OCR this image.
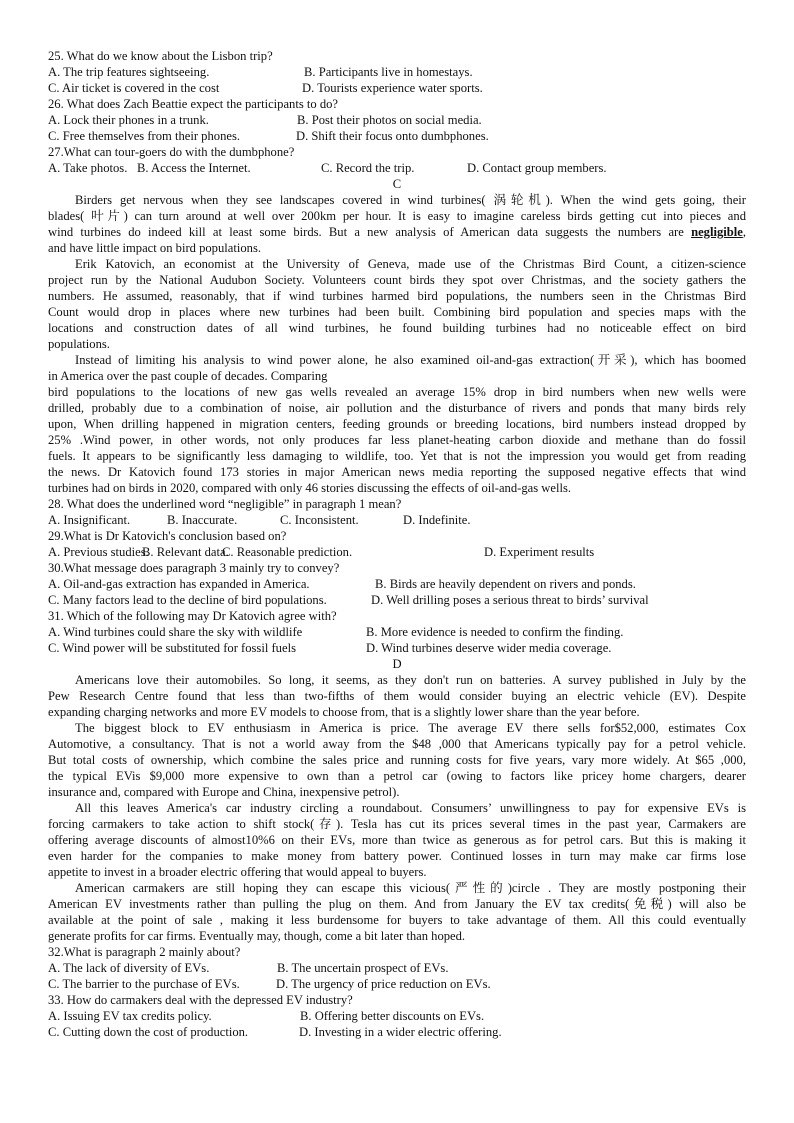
25. What do we know about the Lisbon trip?
A. The trip features sightseeing.	B. Participants live in homestays.
C. Air ticket is covered in the cost	D. Tourists experience water sports.
26. What does Zach Beattie expect the participants to do?
A. Lock their phones in a trunk.	B. Post their photos on social media.
C. Free themselves from their phones.	D. Shift their focus onto dumbphones.
27.What can tour-goers do with the dumbphone?
A. Take photos. B. Access the Internet.	C. Record the trip.	D. Contact group members.
C
Birders get nervous when they see landscapes covered in wind turbines( 涡轮机). When the wind gets going, their
blades( 叶片) can turn around at well over 200km per hour. It is easy to imagine careless birds getting cut into pieces and
wind turbines do indeed kill at least some birds. But a new analysis of American data suggests the numbers are negligible,
and have little impact on bird populations.
Erik Katovich, an economist at the University of Geneva, made use of the Christmas Bird Count, a citizen-science
project run by the National Audubon Society. Volunteers count birds they spot over Christmas, and the society gathers the
numbers. He assumed, reasonably, that if wind turbines harmed bird populations, the numbers seen in the Christmas Bird
Count would drop in places where new turbines had been built. Combining bird population and species maps with the
locations and construction dates of all wind turbines, he found building turbines had no noticeable effect on bird
populations.
Instead of limiting his analysis to wind power alone, he also examined oil-and-gas extraction(开采), which has boomed
in America over the past couple of decades. Comparing
bird populations to the locations of new gas wells revealed an average 15% drop in bird numbers when new wells were
drilled, probably due to a combination of noise, air pollution and the disturbance of rivers and ponds that many birds rely
upon, When drilling happened in migration centers, feeding grounds or breeding locations, bird numbers instead dropped by
25% .Wind power, in other words, not only produces far less planet-heating carbon dioxide and methane than do fossil
fuels. It appears to be significantly less damaging to wildlife, too. Yet that is not the impression you would get from reading
the news. Dr Katovich found 173 stories in major American news media reporting the supposed negative effects that wind
turbines had on birds in 2020, compared with only 46 stories discussing the effects of oil-and-gas wells.
28. What does the underlined word “negligible” in paragraph 1 mean?
A. Insignificant.	B. Inaccurate.	C. Inconsistent.	D. Indefinite.
29.What is Dr Katovich's conclusion based on?
A. Previous studies.
B. Relevant data.
C. Reasonable prediction.	D. Experiment results
30.What message does paragraph 3 mainly try to convey?
A. Oil-and-gas extraction has expanded in America.	B. Birds are heavily dependent on rivers and ponds.
C. Many factors lead to the decline of bird populations.	D. Well drilling poses a serious threat to birds’ survival
31. Which of the following may Dr Katovich agree with?
A. Wind turbines could share the sky with wildlife	B. More evidence is needed to confirm the finding.
C. Wind power will be substituted for fossil fuels	D. Wind turbines deserve wider media coverage.
D
Americans love their automobiles. So long, it seems, as they don't run on batteries. A survey published in July by the
Pew Research Centre found that less than two-fifths of them would consider buying an electric vehicle (EV). Despite
expanding charging networks and more EV models to choose from, that is a slightly lower share than the year before.
The biggest block to EV enthusiasm in America is price. The average EV there sells for$52,000, estimates Cox
Automotive, a consultancy. That is not a world away from the $48 ,000 that Americans typically pay for a petrol vehicle.
But total costs of ownership, which combine the sales price and running costs for five years, vary more widely. At $65 ,000,
the typical EVis $9,000 more expensive to own than a petrol car (owing to factors like pricey home chargers, dearer
insurance and, compared with Europe and China, inexpensive petrol).
All this leaves America's car industry circling a roundabout. Consumers’ unwillingness to pay for expensive EVs is
forcing carmakers to take action to shift stock(存). Tesla has cut its prices several times in the past year, Carmakers are
offering average discounts of almost10%6 on their EVs, more than twice as generous as for petrol cars. But this is making it
even harder for the companies to make money from battery power. Continued losses in turn may make car firms lose
appetite to invest in a broader electric offering that would appeal to buyers.
American carmakers are still hoping they can escape this vicious(严性的)circle . They are mostly postponing their
American EV investments rather than pulling the plug on them. And from January the EV tax credits(免税) will also be
available at the point of sale , making it less burdensome for buyers to take advantage of them. All this could eventually
generate profits for car firms. Eventually may, though, come a bit later than hoped.
32.What is paragraph 2 mainly about?
A. The lack of diversity of EVs.	B. The uncertain prospect of EVs.
C. The barrier to the purchase of EVs.	D. The urgency of price reduction on EVs.
33. How do carmakers deal with the depressed EV industry?
A. Issuing EV tax credits policy.	B. Offering better discounts on EVs.
C. Cutting down the cost of production.	D. Investing in a wider electric offering.
